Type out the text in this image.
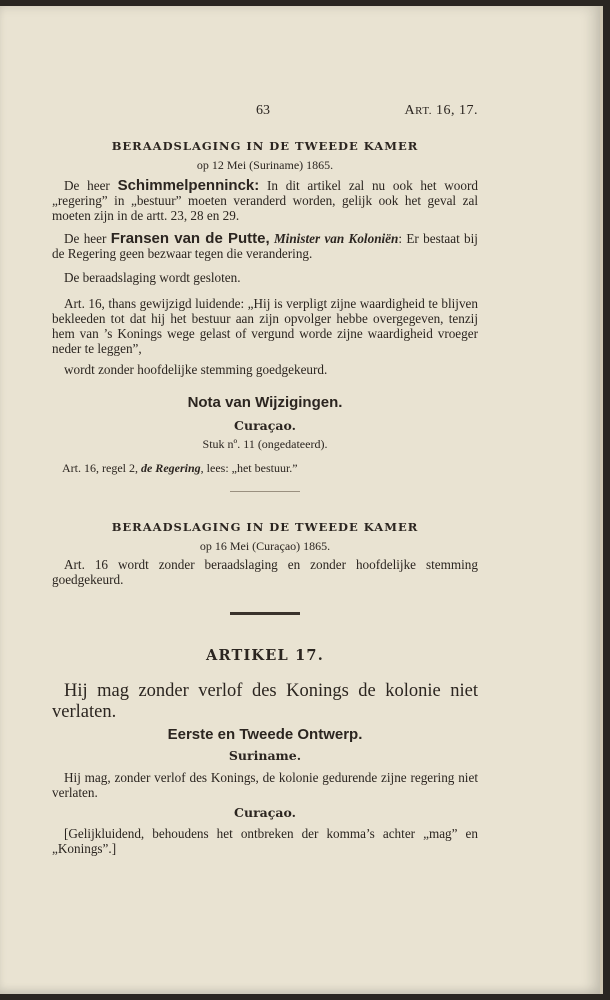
63	ART. 16, 17.
BERAADSLAGING IN DE TWEEDE KAMER
op 12 Mei (Suriname) 1865.

De heer Schimmelpenninck: In dit artikel zal nu ook het woord „regering” in „bestuur” moeten veranderd worden, gelijk ook het geval zal moeten zijn in de artt. 23, 28 en 29.

De heer Fransen van de Putte, Minister van Koloniën: Er bestaat bij de Regering geen bezwaar tegen die verandering.

De beraadslaging wordt gesloten.

Art. 16, thans gewijzigd luidende: „Hij is verpligt zijne waardigheid te blijven bekleeden tot dat hij het bestuur aan zijn opvolger hebbe overgegeven, tenzij hem van ’s Konings wege gelast of vergund worde zijne waardigheid vroeger neder te leggen”,

wordt zonder hoofdelijke stemming goedgekeurd.

Nota van Wijzigingen.
Curaçao.
Stuk nº. 11 (ongedateerd).

Art. 16, regel 2, de Regering, lees: „het bestuur.”

BERAADSLAGING IN DE TWEEDE KAMER
op 16 Mei (Curaçao) 1865.

Art. 16 wordt zonder beraadslaging en zonder hoofdelijke stemming goedgekeurd.

ARTIKEL 17.

Hij mag zonder verlof des Konings de kolonie niet verlaten.

Eerste en Tweede Ontwerp.
Suriname.

Hij mag, zonder verlof des Konings, de kolonie gedurende zijne regering niet verlaten.

Curaçao.

[Gelijkluidend, behoudens het ontbreken der komma’s achter „mag” en „Konings”.]
